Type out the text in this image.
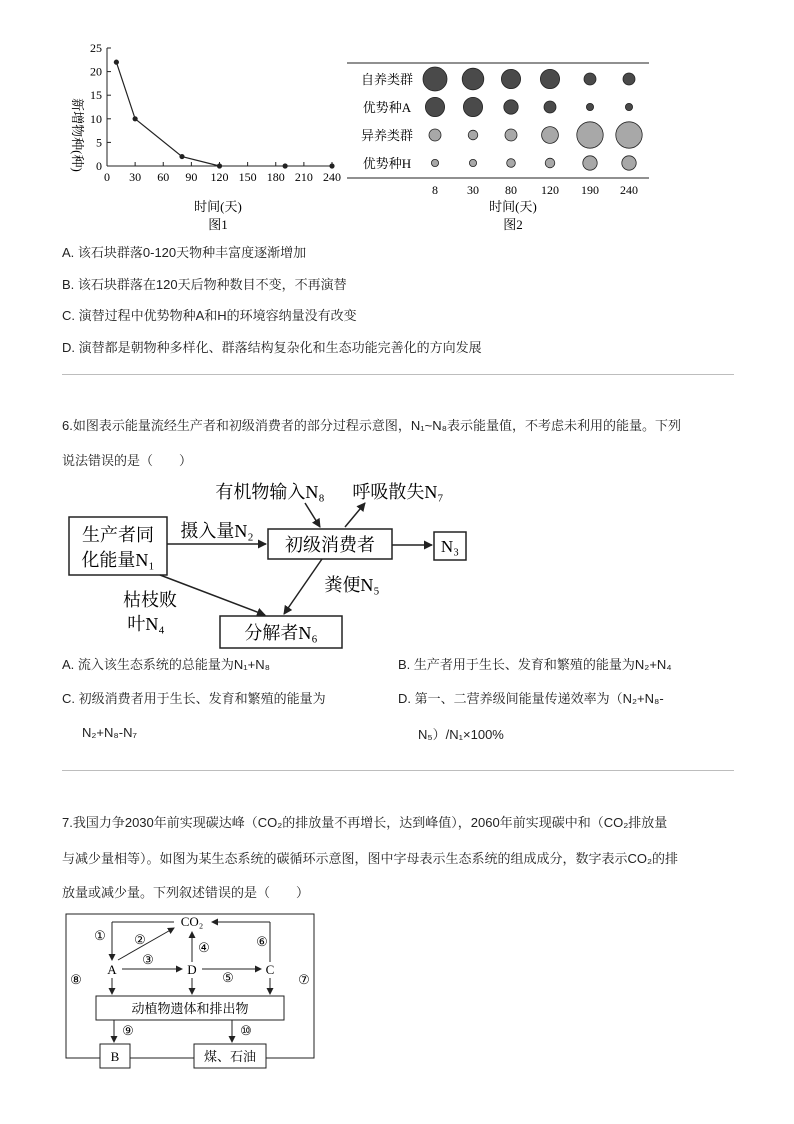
0
5
10
15
20
25
0 30 60 90 120 150 180 210 240
新增物种(种)
时间(天)
图1
自养类群
优势种A
异养类群
优势种H
8 30 80 120 190 240
时间(天)
图2
A. 该石块群落0-120天物种丰富度逐渐增加
B. 该石块群落在120天后物种数目不变，不再演替
C. 演替过程中优势物种A和H的环境容纳量没有改变
D. 演替都是朝物种多样化、群落结构复杂化和生态功能完善化的方向发展
6.如图表示能量流经生产者和初级消费者的部分过程示意图，N₁~N₈表示能量值，不考虑未利用的能量。下列
说法错误的是（　　）
生产者同
化能量N₁
初级消费者	N₃
分解者N₆
摄入量N₂
有机物输入N₈ 呼吸散失N₇
粪便N₅
枯枝败
叶N₄
A. 流入该生态系统的总能量为N₁+N₈	B. 生产者用于生长、发育和繁殖的能量为N₂+N₄
C. 初级消费者用于生长、发育和繁殖的能量为
N₂+N₈-N₇
D. 第一、二营养级间能量传递效率为（N₂+N₈-
N₅）/N₁×100%
7.我国力争2030年前实现碳达峰（CO₂的排放量不再增长，达到峰值），2060年前实现碳中和（CO₂排放量
与减少量相等）。如图为某生态系统的碳循环示意图，图中字母表示生态系统的组成成分，数字表示CO₂的排
放量或减少量。下列叙述错误的是（　　）
CO₂
A	D	C
① ②
③
④
⑤
⑥
动植物遗体和排出物
⑨	⑩
B	煤、石油
⑧	⑦
